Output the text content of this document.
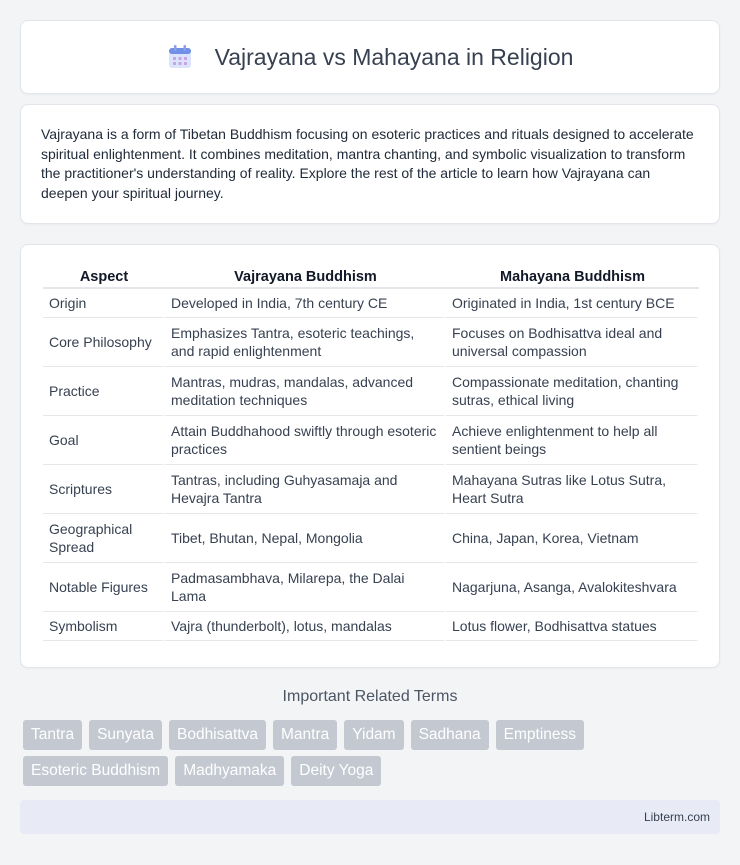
Vajrayana vs Mahayana in Religion

Vajrayana is a form of Tibetan Buddhism focusing on esoteric practices and rituals designed to accelerate spiritual enlightenment. It combines meditation, mantra chanting, and symbolic visualization to transform the practitioner's understanding of reality. Explore the rest of the article to learn how Vajrayana can deepen your spiritual journey.

Aspect	Vajrayana Buddhism	Mahayana Buddhism
Origin	Developed in India, 7th century CE	Originated in India, 1st century BCE
Core Philosophy	Emphasizes Tantra, esoteric teachings, and rapid enlightenment	Focuses on Bodhisattva ideal and universal compassion
Practice	Mantras, mudras, mandalas, advanced meditation techniques	Compassionate meditation, chanting sutras, ethical living
Goal	Attain Buddhahood swiftly through esoteric practices	Achieve enlightenment to help all sentient beings
Scriptures	Tantras, including Guhyasamaja and Hevajra Tantra	Mahayana Sutras like Lotus Sutra, Heart Sutra
Geographical Spread	Tibet, Bhutan, Nepal, Mongolia	China, Japan, Korea, Vietnam
Notable Figures	Padmasambhava, Milarepa, the Dalai Lama	Nagarjuna, Asanga, Avalokiteshvara
Symbolism	Vajra (thunderbolt), lotus, mandalas	Lotus flower, Bodhisattva statues
Important Related Terms
Tantra	Sunyata	Bodhisattva	Mantra	Yidam	Sadhana	Emptiness
Esoteric Buddhism	Madhyamaka	Deity Yoga
Libterm.com
